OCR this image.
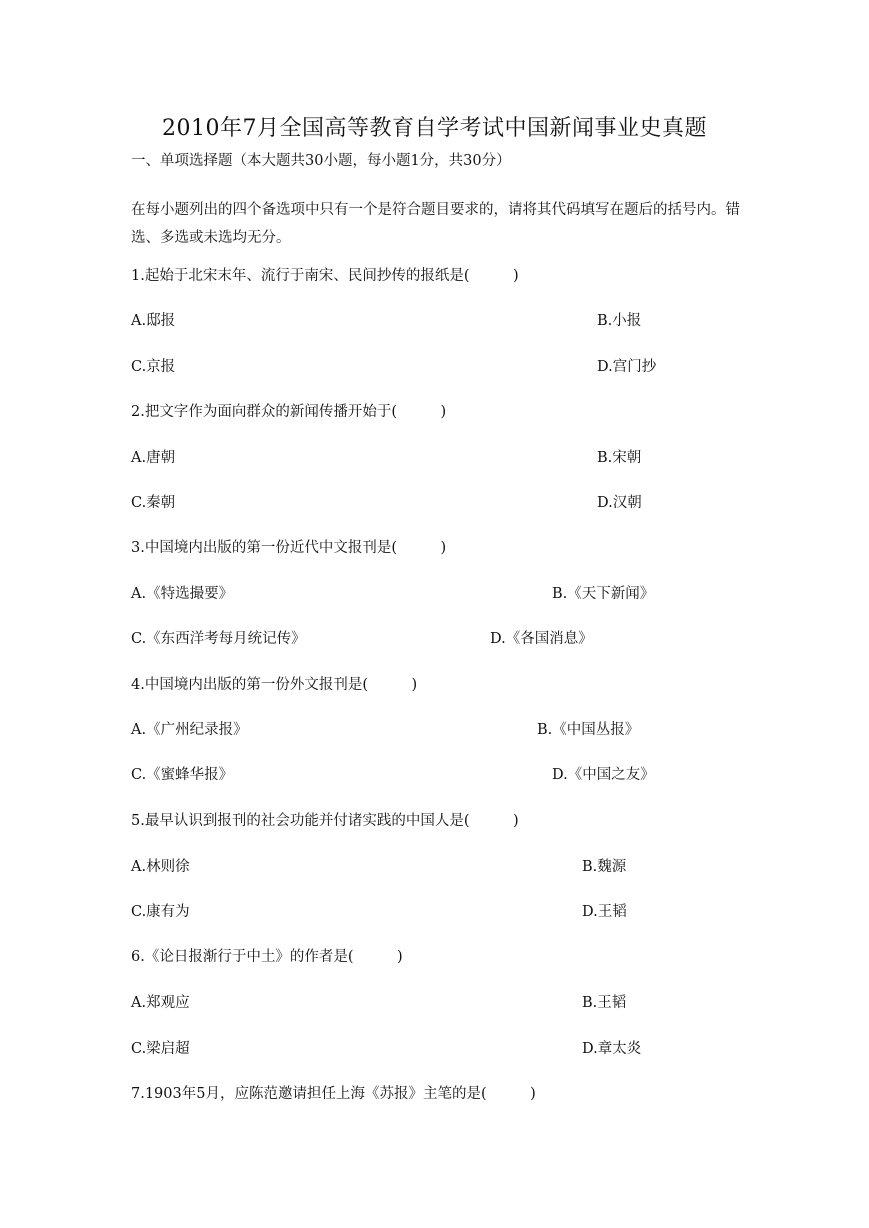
2010年7月全国高等教育自学考试中国新闻事业史真题
一、单项选择题（本大题共30小题，每小题1分，共30分）
在每小题列出的四个备选项中只有一个是符合题目要求的，请将其代码填写在题后的括号内。错选、多选或未选均无分。
1.起始于北宋末年、流行于南宋、民间抄传的报纸是(　　　)
A.邸报	B.小报
C.京报	D.宫门抄
2.把文字作为面向群众的新闻传播开始于(　　　)
A.唐朝	B.宋朝
C.秦朝	D.汉朝
3.中国境内出版的第一份近代中文报刊是(　　　)
A.《特选撮要》	B.《天下新闻》
C.《东西洋考每月统记传》	D.《各国消息》
4.中国境内出版的第一份外文报刊是(　　　)
A.《广州纪录报》	B.《中国丛报》
C.《蜜蜂华报》	D.《中国之友》
5.最早认识到报刊的社会功能并付诸实践的中国人是(　　　)
A.林则徐	B.魏源
C.康有为	D.王韬
6.《论日报渐行于中土》的作者是(　　　)
A.郑观应	B.王韬
C.梁启超	D.章太炎
7.1903年5月，应陈范邀请担任上海《苏报》主笔的是(　　　)
